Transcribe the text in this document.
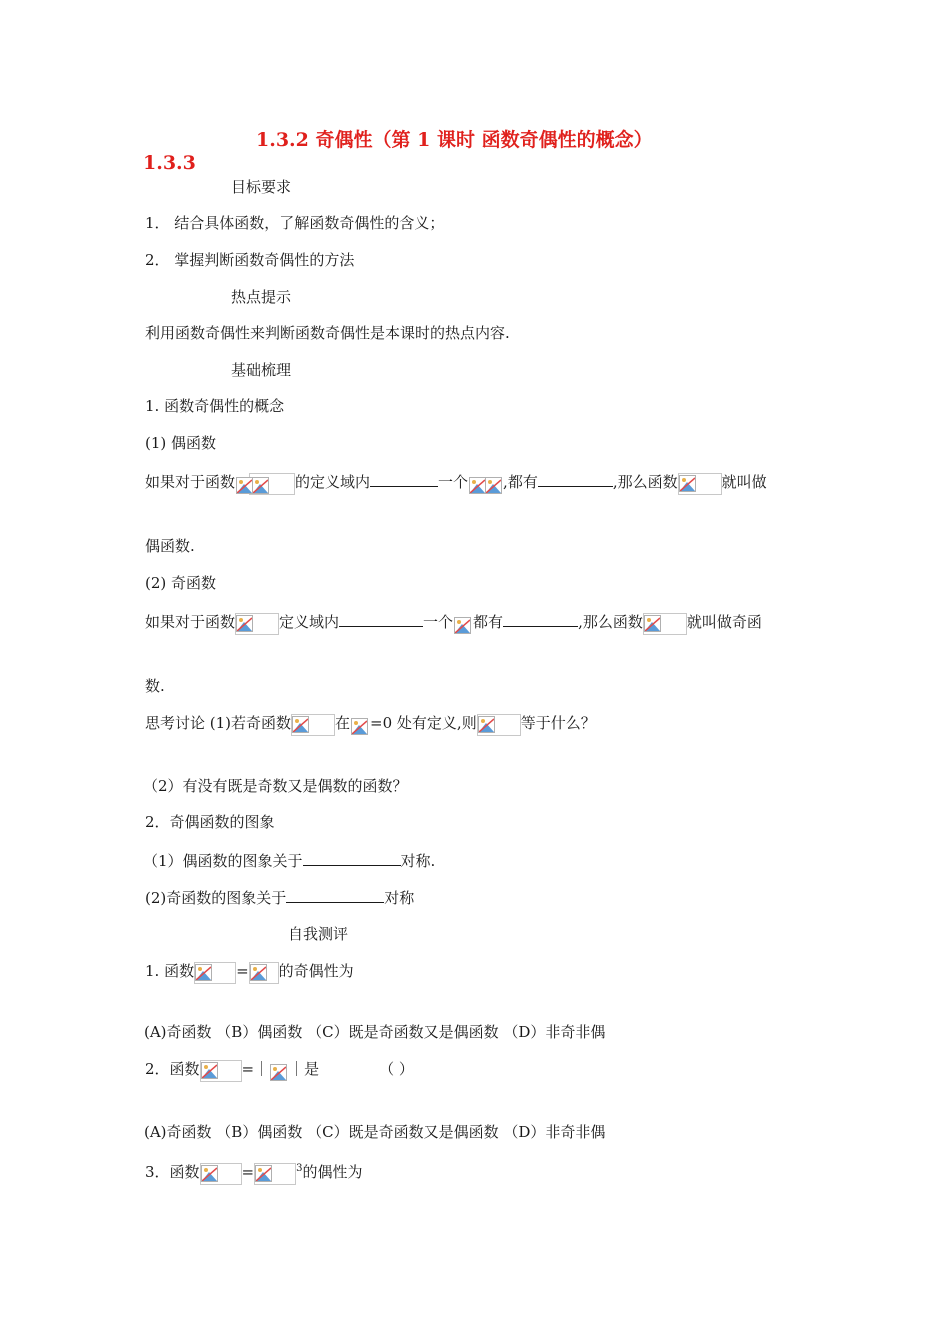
1.3.2 奇偶性（第 1 课时 函数奇偶性的概念）
1.3.3
目标要求
1． 结合具体函数，了解函数奇偶性的含义；
2． 掌握判断函数奇偶性的方法
热点提示
利用函数奇偶性来判断函数奇偶性是本课时的热点内容.
基础梳理
1. 函数奇偶性的概念
(1) 偶函数
如果对于函数	的定义域内	一个 ,都有	,那么函数	就叫做
偶函数.
(2) 奇函数
如果对于函数	定义域内	一个 都有	,那么函数	就叫做奇函
数.
思考讨论 (1)若奇函数	在 =0 处有定义,则	等于什么？
（2）有没有既是奇数又是偶数的函数？
2．奇偶函数的图象
（1）偶函数的图象关于	对称.
(2)奇函数的图象关于	对称
自我测评
1. 函数	= 的奇偶性为
(A)奇函数 （B）偶函数 （C）既是奇函数又是偶函数 （D）非奇非偶
2．函数	=｜ ｜是	（ ）
(A)奇函数 （B）偶函数 （C）既是奇函数又是偶函数 （D）非奇非偶
3．函数	=	$^3$的偶性为
